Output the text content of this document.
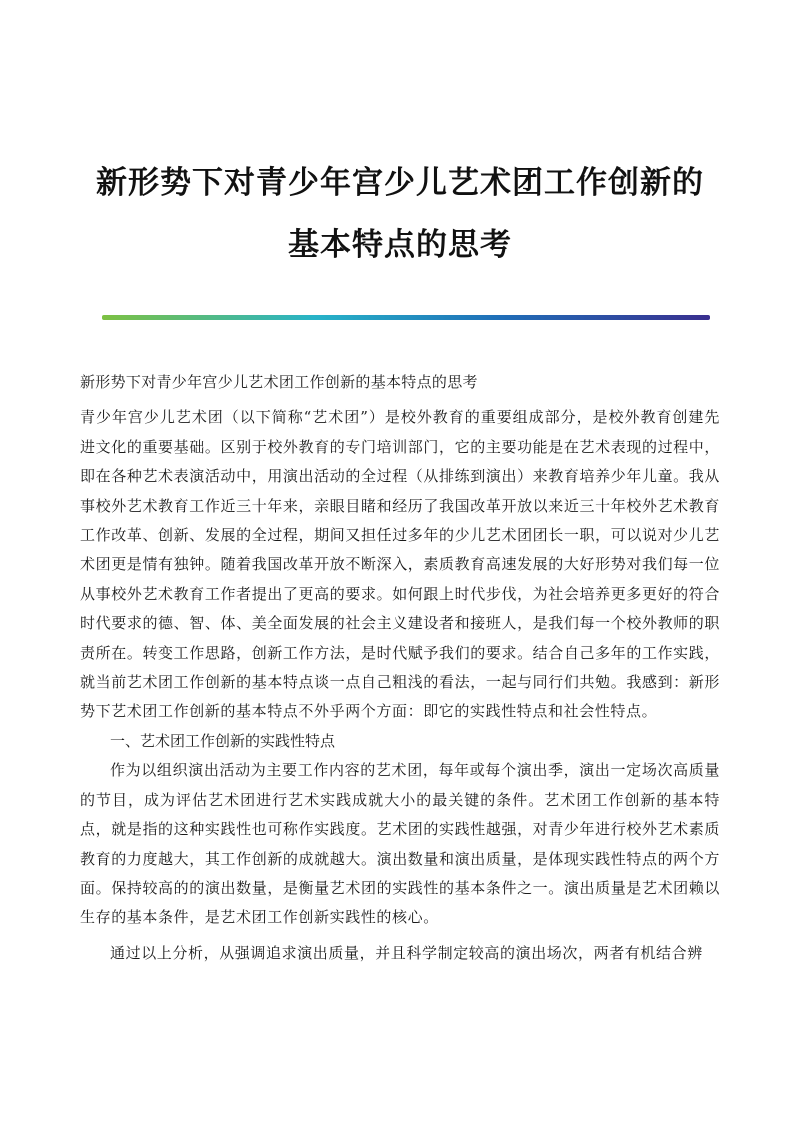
新形势下对青少年宫少儿艺术团工作创新的
基本特点的思考

新形势下对青少年宫少儿艺术团工作创新的基本特点的思考

青少年宫少儿艺术团（以下简称“艺术团”）是校外教育的重要组成部分，是校外教育创建先进文化的重要基础。区别于校外教育的专门培训部门，它的主要功能是在艺术表现的过程中，即在各种艺术表演活动中，用演出活动的全过程（从排练到演出）来教育培养少年儿童。我从事校外艺术教育工作近三十年来，亲眼目睹和经历了我国改革开放以来近三十年校外艺术教育工作改革、创新、发展的全过程，期间又担任过多年的少儿艺术团团长一职，可以说对少儿艺术团更是情有独钟。随着我国改革开放不断深入，素质教育高速发展的大好形势对我们每一位从事校外艺术教育工作者提出了更高的要求。如何跟上时代步伐，为社会培养更多更好的符合时代要求的德、智、体、美全面发展的社会主义建设者和接班人，是我们每一个校外教师的职责所在。转变工作思路，创新工作方法，是时代赋予我们的要求。结合自己多年的工作实践，就当前艺术团工作创新的基本特点谈一点自己粗浅的看法，一起与同行们共勉。我感到：新形势下艺术团工作创新的基本特点不外乎两个方面：即它的实践性特点和社会性特点。

一、艺术团工作创新的实践性特点

作为以组织演出活动为主要工作内容的艺术团，每年或每个演出季，演出一定场次高质量的节目，成为评估艺术团进行艺术实践成就大小的最关键的条件。艺术团工作创新的基本特点，就是指的这种实践性也可称作实践度。艺术团的实践性越强，对青少年进行校外艺术素质教育的力度越大，其工作创新的成就越大。演出数量和演出质量，是体现实践性特点的两个方面。保持较高的的演出数量，是衡量艺术团的实践性的基本条件之一。演出质量是艺术团赖以生存的基本条件，是艺术团工作创新实践性的核心。

通过以上分析，从强调追求演出质量，并且科学制定较高的演出场次，两者有机结合辨
